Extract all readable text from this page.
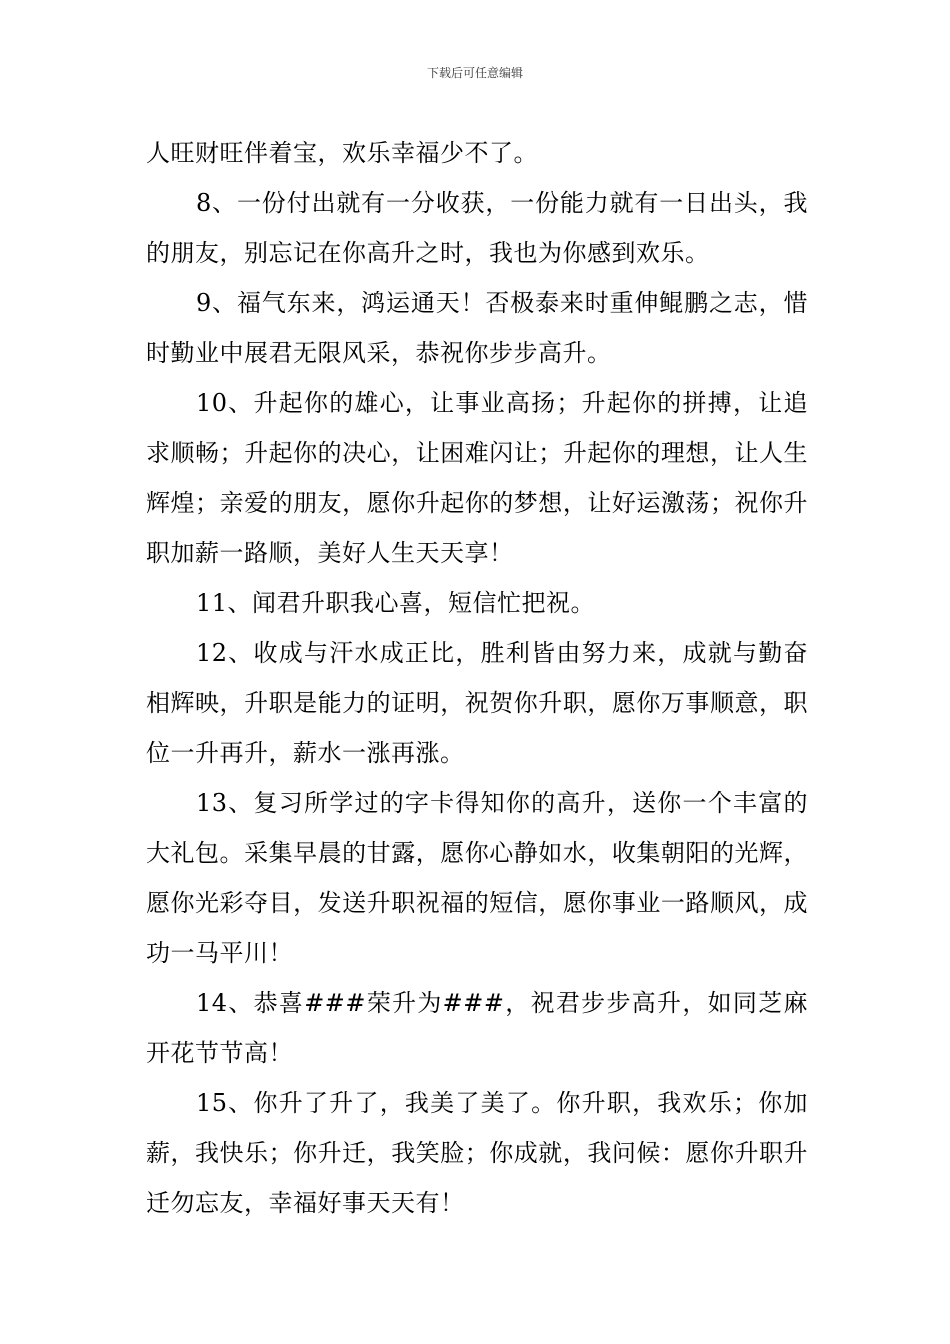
下载后可任意编辑

人旺财旺伴着宝，欢乐幸福少不了。

8、一份付出就有一分收获，一份能力就有一日出头，我的朋友，别忘记在你高升之时，我也为你感到欢乐。

9、福气东来，鸿运通天！否极泰来时重伸鲲鹏之志，惜时勤业中展君无限风采，恭祝你步步高升。

10、升起你的雄心，让事业高扬；升起你的拼搏，让追求顺畅；升起你的决心，让困难闪让；升起你的理想，让人生辉煌；亲爱的朋友，愿你升起你的梦想，让好运激荡；祝你升职加薪一路顺，美好人生天天享！

11、闻君升职我心喜，短信忙把祝。

12、收成与汗水成正比，胜利皆由努力来，成就与勤奋相辉映，升职是能力的证明，祝贺你升职，愿你万事顺意，职位一升再升，薪水一涨再涨。

13、复习所学过的字卡得知你的高升，送你一个丰富的大礼包。采集早晨的甘露，愿你心静如水，收集朝阳的光辉，愿你光彩夺目，发送升职祝福的短信，愿你事业一路顺风，成功一马平川！

14、恭喜###荣升为###，祝君步步高升，如同芝麻开花节节高！

15、你升了升了，我美了美了。你升职，我欢乐；你加薪，我快乐；你升迁，我笑脸；你成就，我问候：愿你升职升迁勿忘友，幸福好事天天有！
